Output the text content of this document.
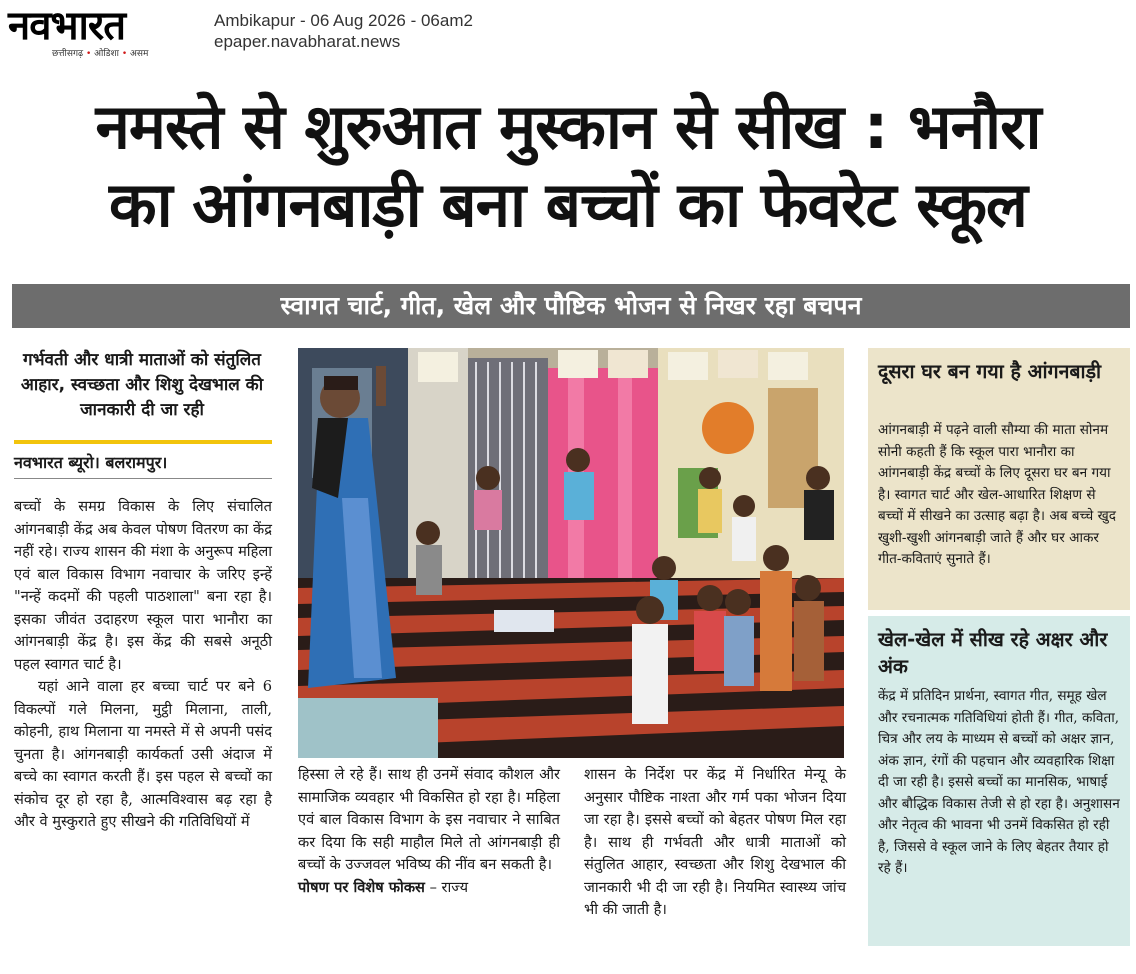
नवभारत
छत्तीसगढ़ • ओडिशा • असम
Ambikapur - 06 Aug 2026 - 06am2
epaper.navabharat.news
नमस्ते से शुरुआत मुस्कान से सीख : भनौरा
का आंगनबाड़ी बना बच्चों का फेवरेट स्कूल
स्वागत चार्ट, गीत, खेल और पौष्टिक भोजन से निखर रहा बचपन
गर्भवती और धात्री माताओं को संतुलित आहार, स्वच्छता और शिशु देखभाल की जानकारी दी जा रही
नवभारत ब्यूरो। बलरामपुर।

बच्चों के समग्र विकास के लिए संचालित आंगनबाड़ी केंद्र अब केवल पोषण वितरण का केंद्र नहीं रहे। राज्य शासन की मंशा के अनुरूप महिला एवं बाल विकास विभाग नवाचार के जरिए इन्हें "नन्हें कदमों की पहली पाठशाला" बना रहा है। इसका जीवंत उदाहरण स्कूल पारा भानौरा का आंगनबाड़ी केंद्र है। इस केंद्र की सबसे अनूठी पहल स्वागत चार्ट है।

यहां आने वाला हर बच्चा चार्ट पर बने 6 विकल्पों गले मिलना, मुट्ठी मिलाना, ताली, कोहनी, हाथ मिलाना या नमस्ते में से अपनी पसंद चुनता है। आंगनबाड़ी कार्यकर्ता उसी अंदाज में बच्चे का स्वागत करती हैं। इस पहल से बच्चों का संकोच दूर हो रहा है, आत्मविश्वास बढ़ रहा है और वे मुस्कुराते हुए सीखने की गतिविधियों में

हिस्सा ले रहे हैं। साथ ही उनमें संवाद कौशल और सामाजिक व्यवहार भी विकसित हो रहा है। महिला एवं बाल विकास विभाग के इस नवाचार ने साबित कर दिया कि सही माहौल मिले तो आंगनबाड़ी ही बच्चों के उज्जवल भविष्य की नींव बन सकती है।

पोषण पर विशेष फोकस – राज्य

शासन के निर्देश पर केंद्र में निर्धारित मेन्यू के अनुसार पौष्टिक नाश्ता और गर्म पका भोजन दिया जा रहा है। इससे बच्चों को बेहतर पोषण मिल रहा है। साथ ही गर्भवती और धात्री माताओं को संतुलित आहार, स्वच्छता और शिशु देखभाल की जानकारी भी दी जा रही है। नियमित स्वास्थ्य जांच भी की जाती है।

दूसरा घर बन गया है आंगनबाड़ी
आंगनबाड़ी में पढ़ने वाली सौम्या की माता सोनम सोनी कहती हैं कि स्कूल पारा भानौरा का आंगनबाड़ी केंद्र बच्चों के लिए दूसरा घर बन गया है। स्वागत चार्ट और खेल-आधारित शिक्षण से बच्चों में सीखने का उत्साह बढ़ा है। अब बच्चे खुद खुशी-खुशी आंगनबाड़ी जाते हैं और घर आकर गीत-कविताएं सुनाते हैं।
खेल-खेल में सीख रहे अक्षर और अंक
केंद्र में प्रतिदिन प्रार्थना, स्वागत गीत, समूह खेल और रचनात्मक गतिविधियां होती हैं। गीत, कविता, चित्र और लय के माध्यम से बच्चों को अक्षर ज्ञान, अंक ज्ञान, रंगों की पहचान और व्यवहारिक शिक्षा दी जा रही है। इससे बच्चों का मानसिक, भाषाई और बौद्धिक विकास तेजी से हो रहा है। अनुशासन और नेतृत्व की भावना भी उनमें विकसित हो रही है, जिससे वे स्कूल जाने के लिए बेहतर तैयार हो रहे हैं।
